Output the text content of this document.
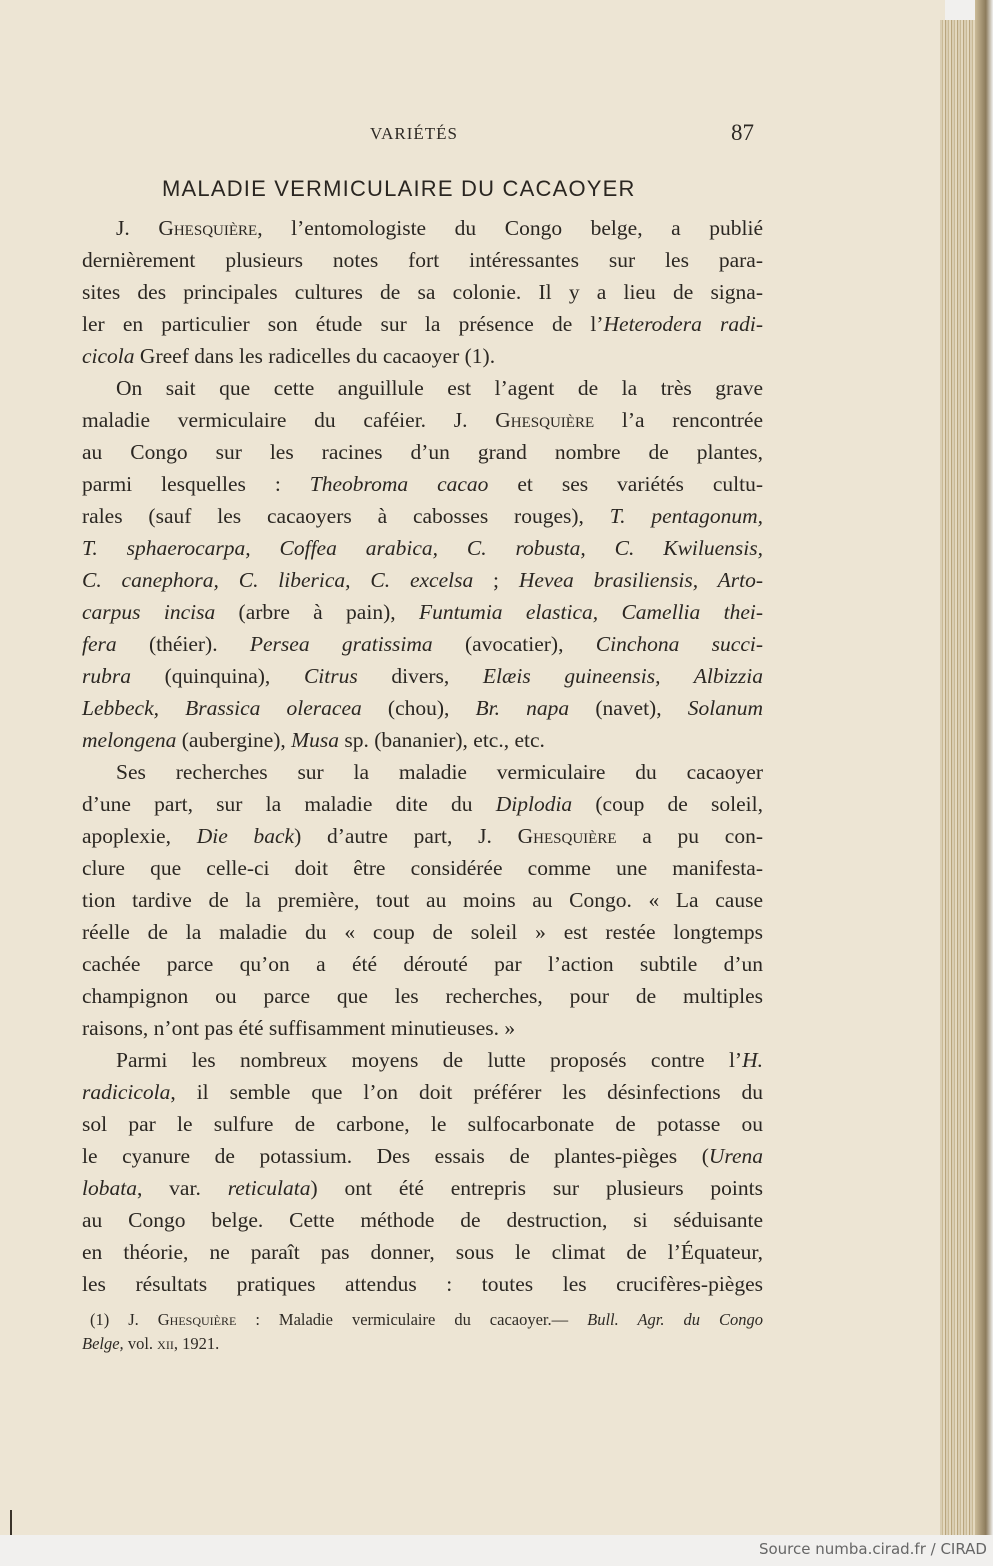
VARIÉTÉS	87
MALADIE VERMICULAIRE DU CACAOYER
J. Ghesquière, l’entomologiste du Congo belge, a publié
dernièrement plusieurs notes fort intéressantes sur les para-
sites des principales cultures de sa colonie. Il y a lieu de signa-
ler en particulier son étude sur la présence de l’Heterodera radi-
cicola Greef dans les radicelles du cacaoyer (1).
On sait que cette anguillule est l’agent de la très grave
maladie vermiculaire du caféier. J. Ghesquière l’a rencontrée
au Congo sur les racines d’un grand nombre de plantes,
parmi lesquelles : Theobroma cacao et ses variétés cultu-
rales (sauf les cacaoyers à cabosses rouges), T. pentagonum,
T. sphaerocarpa, Coffea arabica, C. robusta, C. Kwiluensis,
C. canephora, C. liberica, C. excelsa ; Hevea brasiliensis, Arto-
carpus incisa (arbre à pain), Funtumia elastica, Camellia thei-
fera (théier). Persea gratissima (avocatier), Cinchona succi-
rubra (quinquina), Citrus divers, Elæis guineensis, Albizzia
Lebbeck, Brassica oleracea (chou), Br. napa (navet), Solanum
melongena (aubergine), Musa sp. (bananier), etc., etc.
Ses recherches sur la maladie vermiculaire du cacaoyer
d’une part, sur la maladie dite du Diplodia (coup de soleil,
apoplexie, Die back) d’autre part, J. Ghesquière a pu con-
clure que celle-ci doit être considérée comme une manifesta-
tion tardive de la première, tout au moins au Congo. « La cause
réelle de la maladie du « coup de soleil » est restée longtemps
cachée parce qu’on a été dérouté par l’action subtile d’un
champignon ou parce que les recherches, pour de multiples
raisons, n’ont pas été suffisamment minutieuses. »
Parmi les nombreux moyens de lutte proposés contre l’H.
radicicola, il semble que l’on doit préférer les désinfections du
sol par le sulfure de carbone, le sulfocarbonate de potasse ou
le cyanure de potassium. Des essais de plantes-pièges (Urena
lobata, var. reticulata) ont été entrepris sur plusieurs points
au Congo belge. Cette méthode de destruction, si séduisante
en théorie, ne paraît pas donner, sous le climat de l’Équateur,
les résultats pratiques attendus : toutes les crucifères-pièges
(1) J. Ghesquière : Maladie vermiculaire du cacaoyer.— Bull. Agr. du Congo
Belge, vol. xii, 1921.
Source numba.cirad.fr / CIRAD
